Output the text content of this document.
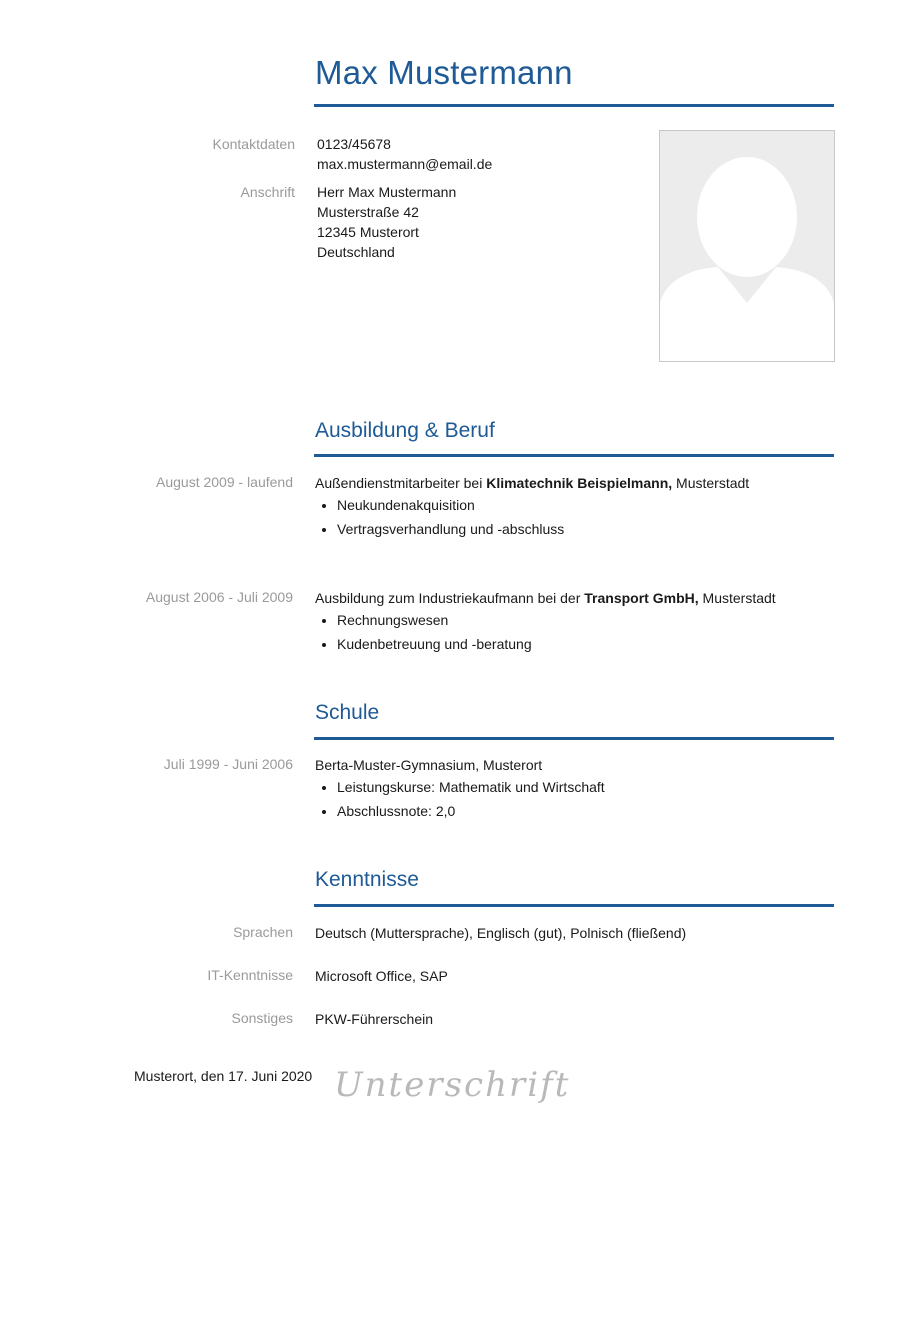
Max Mustermann
Kontaktdaten 0123/45678
max.mustermann@email.de
Anschrift Herr Max Mustermann
Musterstraße 42
12345 Musterort
Deutschland
Ausbildung & Beruf
August 2009 - laufend Außendienstmitarbeiter bei Klimatechnik Beispielmann, Musterstadt
• Neukundenakquisition
• Vertragsverhandlung und -abschluss
August 2006 - Juli 2009 Ausbildung zum Industriekaufmann bei der Transport GmbH, Musterstadt
• Rechnungswesen
• Kudenbetreuung und -beratung
Schule
Juli 1999 - Juni 2006 Berta-Muster-Gymnasium, Musterort
• Leistungskurse: Mathematik und Wirtschaft
• Abschlussnote: 2,0
Kenntnisse
Sprachen Deutsch (Muttersprache), Englisch (gut), Polnisch (fließend)
IT-Kenntnisse Microsoft Office, SAP
Sonstiges PKW-Führerschein
Musterort, den 17. Juni 2020 Unterschrift
